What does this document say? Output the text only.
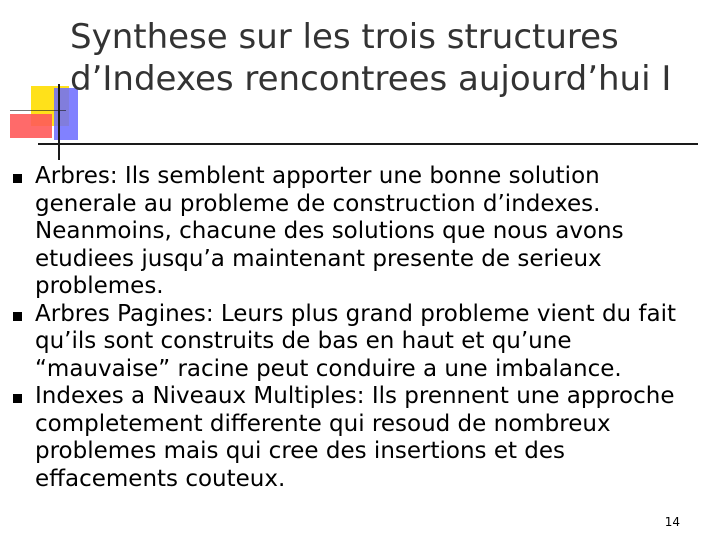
Synthese sur les trois structures
d’Indexes rencontrees aujourd’hui I
Arbres: Ils semblent apporter une bonne solution generale au probleme de construction d’indexes. Neanmoins, chacune des solutions que nous avons etudiees jusqu’a maintenant presente de serieux problemes.
Arbres Pagines: Leurs plus grand probleme vient du fait qu’ils sont construits de bas en haut et qu’une “mauvaise” racine peut conduire a une imbalance.
Indexes a Niveaux Multiples: Ils prennent une approche completement differente qui resoud de nombreux problemes mais qui cree des insertions et des effacements couteux.
14
